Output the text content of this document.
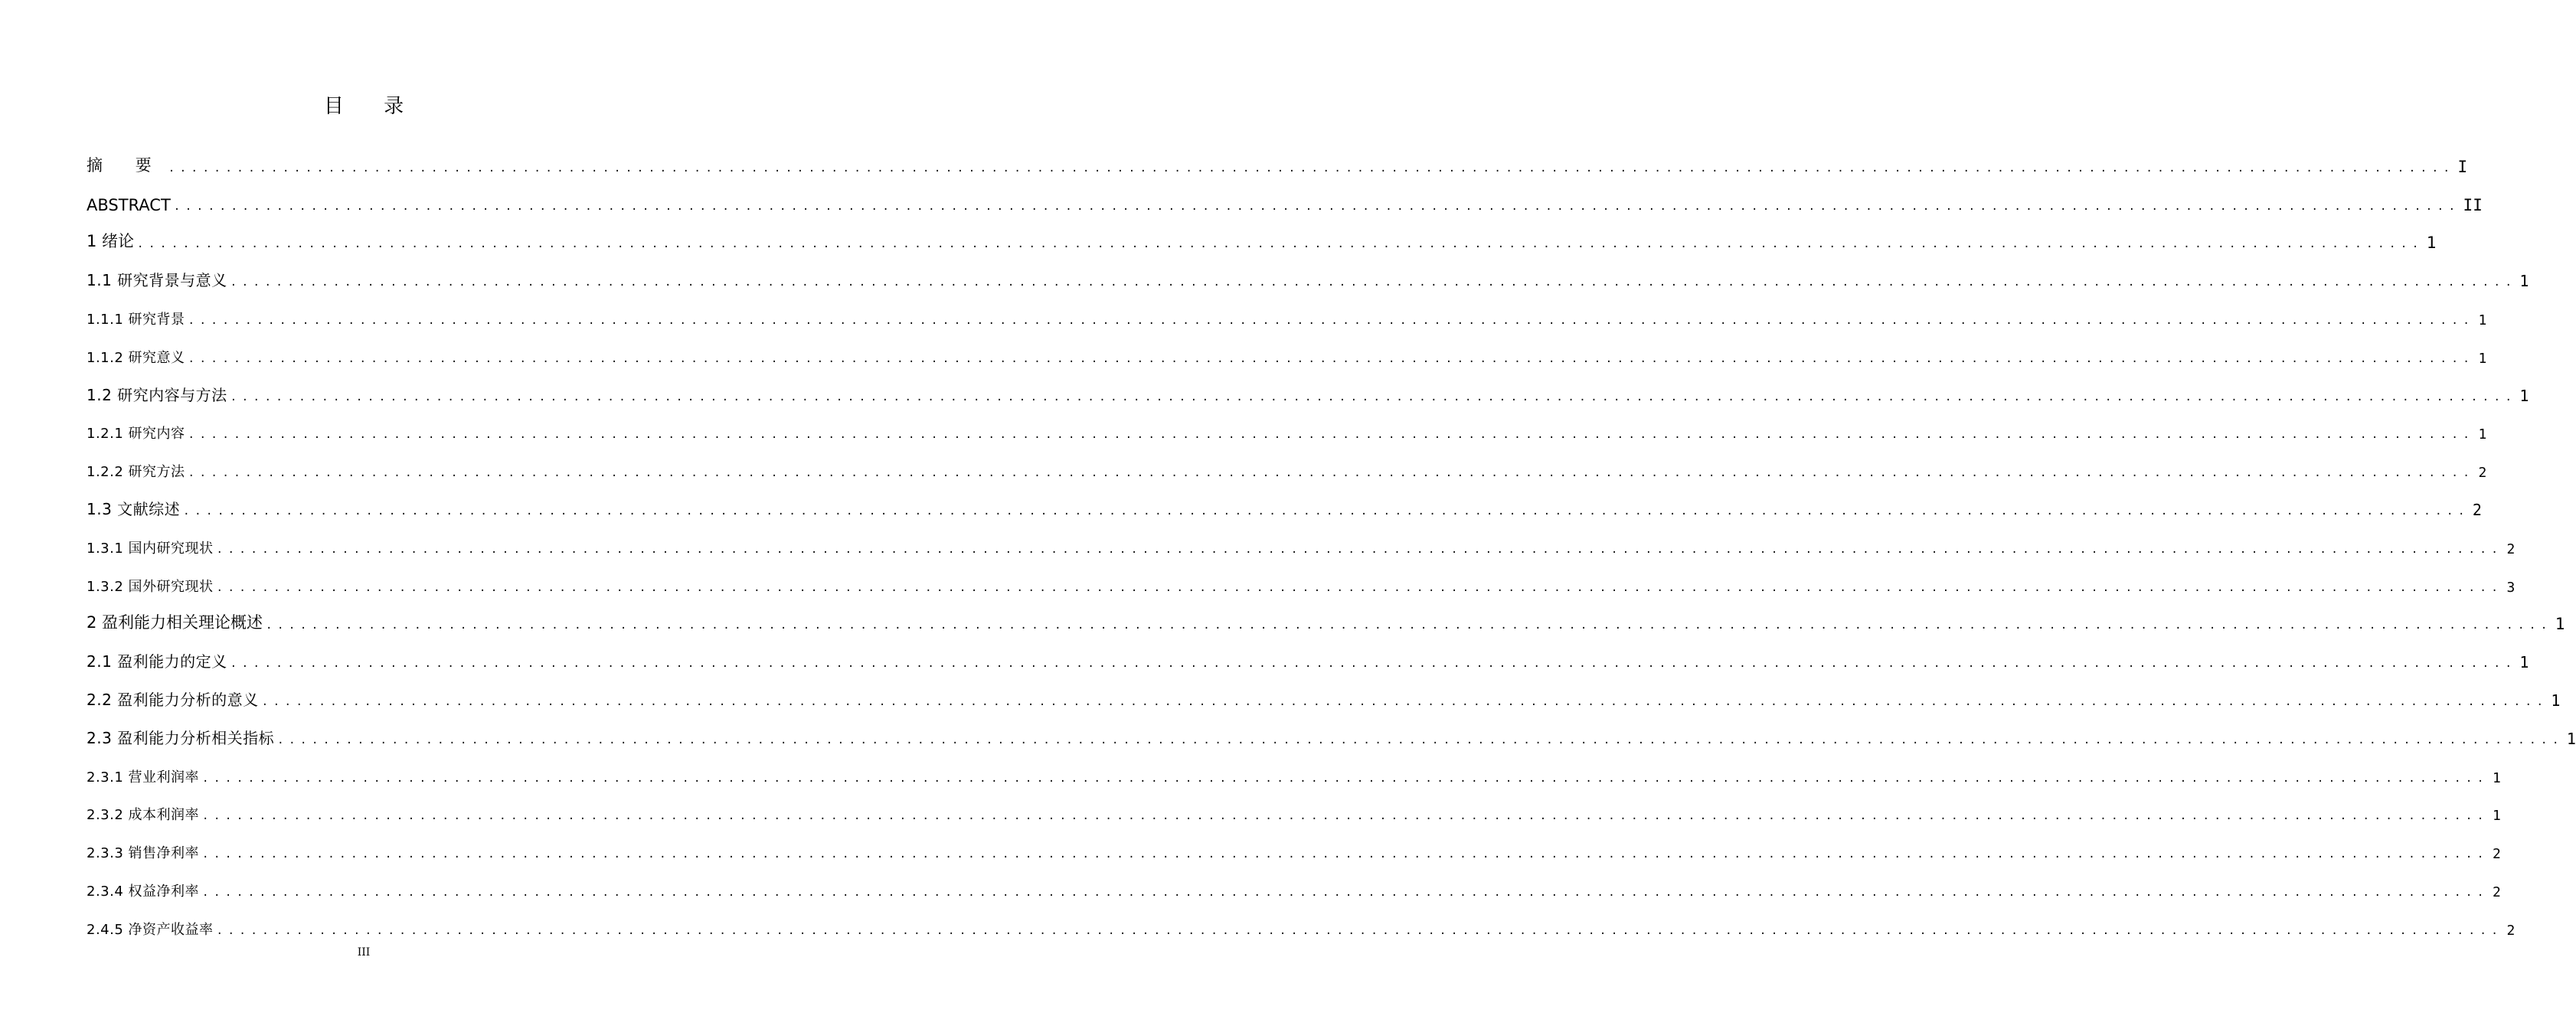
目 录
摘 要 ........................................................................................................................................................................................................ I
ABSTRACT ........................................................................................................................................................................................................ II
1 绪论 ........................................................................................................................................................................................................ 1
1.1 研究背景与意义 ........................................................................................................................................................................................................ 1
1.1.1 研究背景 ........................................................................................................................................................................................................ 1
1.1.2 研究意义 ........................................................................................................................................................................................................ 1
1.2 研究内容与方法 ........................................................................................................................................................................................................ 1
1.2.1 研究内容 ........................................................................................................................................................................................................ 1
1.2.2 研究方法 ........................................................................................................................................................................................................ 2
1.3 文献综述 ........................................................................................................................................................................................................ 2
1.3.1 国内研究现状 ........................................................................................................................................................................................................ 2
1.3.2 国外研究现状 ........................................................................................................................................................................................................ 3
2 盈利能力相关理论概述 ........................................................................................................................................................................................................ 1
2.1 盈利能力的定义 ........................................................................................................................................................................................................ 1
2.2 盈利能力分析的意义 ........................................................................................................................................................................................................ 1
2.3 盈利能力分析相关指标 ........................................................................................................................................................................................................ 1
2.3.1 营业利润率 ........................................................................................................................................................................................................ 1
2.3.2 成本利润率 ........................................................................................................................................................................................................ 1
2.3.3 销售净利率 ........................................................................................................................................................................................................ 2
2.3.4 权益净利率 ........................................................................................................................................................................................................ 2
2.4.5 净资产收益率 ........................................................................................................................................................................................................ 2
III
